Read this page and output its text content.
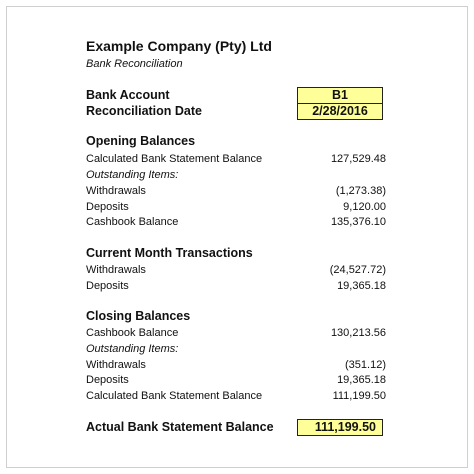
Example Company (Pty) Ltd
Bank Reconciliation
Bank Account	B1
Reconciliation Date	2/28/2016
Opening Balances
Calculated Bank Statement Balance	127,529.48
Outstanding Items:
Withdrawals	(1,273.38)
Deposits	9,120.00
Cashbook Balance	135,376.10
Current Month Transactions
Withdrawals	(24,527.72)
Deposits	19,365.18
Closing Balances
Cashbook Balance	130,213.56
Outstanding Items:
Withdrawals	(351.12)
Deposits	19,365.18
Calculated Bank Statement Balance	111,199.50
Actual Bank Statement Balance	111,199.50
